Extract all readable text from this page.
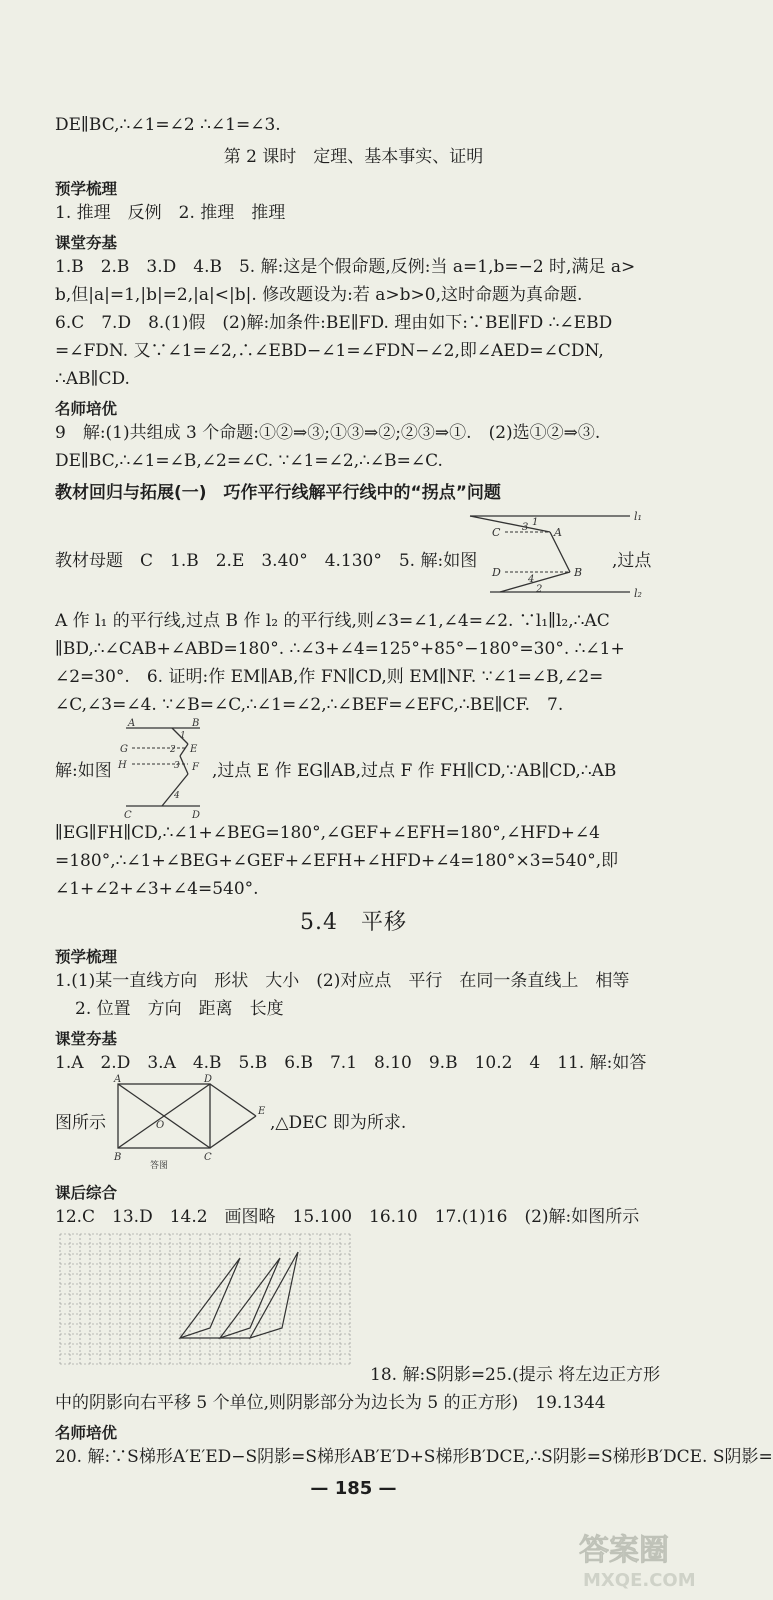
DE∥BC,∴∠1=∠2 ∴∠1=∠3.
第 2 课时　定理、基本事实、证明
预学梳理
1. 推理　反例　2. 推理　推理
课堂夯基
1.B　2.B　3.D　4.B　5. 解:这是个假命题,反例:当 a=1,b=−2 时,满足 a>
b,但|a|=1,|b|=2,|a|<|b|. 修改题设为:若 a>b>0,这时命题为真命题.
6.C　7.D　8.(1)假　(2)解:加条件:BE∥FD. 理由如下:∵BE∥FD ∴∠EBD
=∠FDN. 又∵∠1=∠2,∴∠EBD−∠1=∠FDN−∠2,即∠AED=∠CDN,
∴AB∥CD.
名师培优
9　解:(1)共组成 3 个命题:①②⇒③;①③⇒②;②③⇒①.　(2)选①②⇒③.
DE∥BC,∴∠1=∠B,∠2=∠C. ∵∠1=∠2,∴∠B=∠C.
教材回归与拓展(一)　巧作平行线解平行线中的“拐点”问题
l₁
l₂
C 3 1
A
D
4
2
B
教材母题　C　1.B　2.E　3.40°　4.130°　5. 解:如图	,过点
A 作 l₁ 的平行线,过点 B 作 l₂ 的平行线,则∠3=∠1,∠4=∠2. ∵l₁∥l₂,∴AC
∥BD,∴∠CAB+∠ABD=180°. ∴∠3+∠4=125°+85°−180°=30°. ∴∠1+
∠2=30°.　6. 证明:作 EM∥AB,作 FN∥CD,则 EM∥NF. ∵∠1=∠B,∠2=
∠C,∠3=∠4. ∵∠B=∠C,∴∠1=∠2,∴∠BEF=∠EFC,∴BE∥CF.　7.
A	B
1
G	2 E
H	3 F
4
C	D
解:如图	,过点 E 作 EG∥AB,过点 F 作 FH∥CD,∵AB∥CD,∴AB
∥EG∥FH∥CD,∴∠1+∠BEG=180°,∠GEF+∠EFH=180°,∠HFD+∠4
=180°,∴∠1+∠BEG+∠GEF+∠EFH+∠HFD+∠4=180°×3=540°,即
∠1+∠2+∠3+∠4=540°.
5.4　平移
预学梳理
1.(1)某一直线方向　形状　大小　(2)对应点　平行　在同一条直线上　相等
2. 位置　方向　距离　长度
课堂夯基
1.A　2.D　3.A　4.B　5.B　6.B　7.1　8.10　9.B　10.2　4　11. 解:如答
A	D
O
E
B	C
答图
图所示	,△DEC 即为所求.
课后综合
12.C　13.D　14.2　画图略　15.100　16.10　17.(1)16　(2)解:如图所示
18. 解:S阴影=25.(提示 将左边正方形
中的阴影向右平移 5 个单位,则阴影部分为边长为 5 的正方形)　19.1344
名师培优
20. 解:∵S梯形A′E′ED−S阴影=S梯形AB′E′D+S梯形B′DCE,∴S阴影=S梯形B′DCE. S阴影=
— 185 —
答案圈
MXQE.COM
